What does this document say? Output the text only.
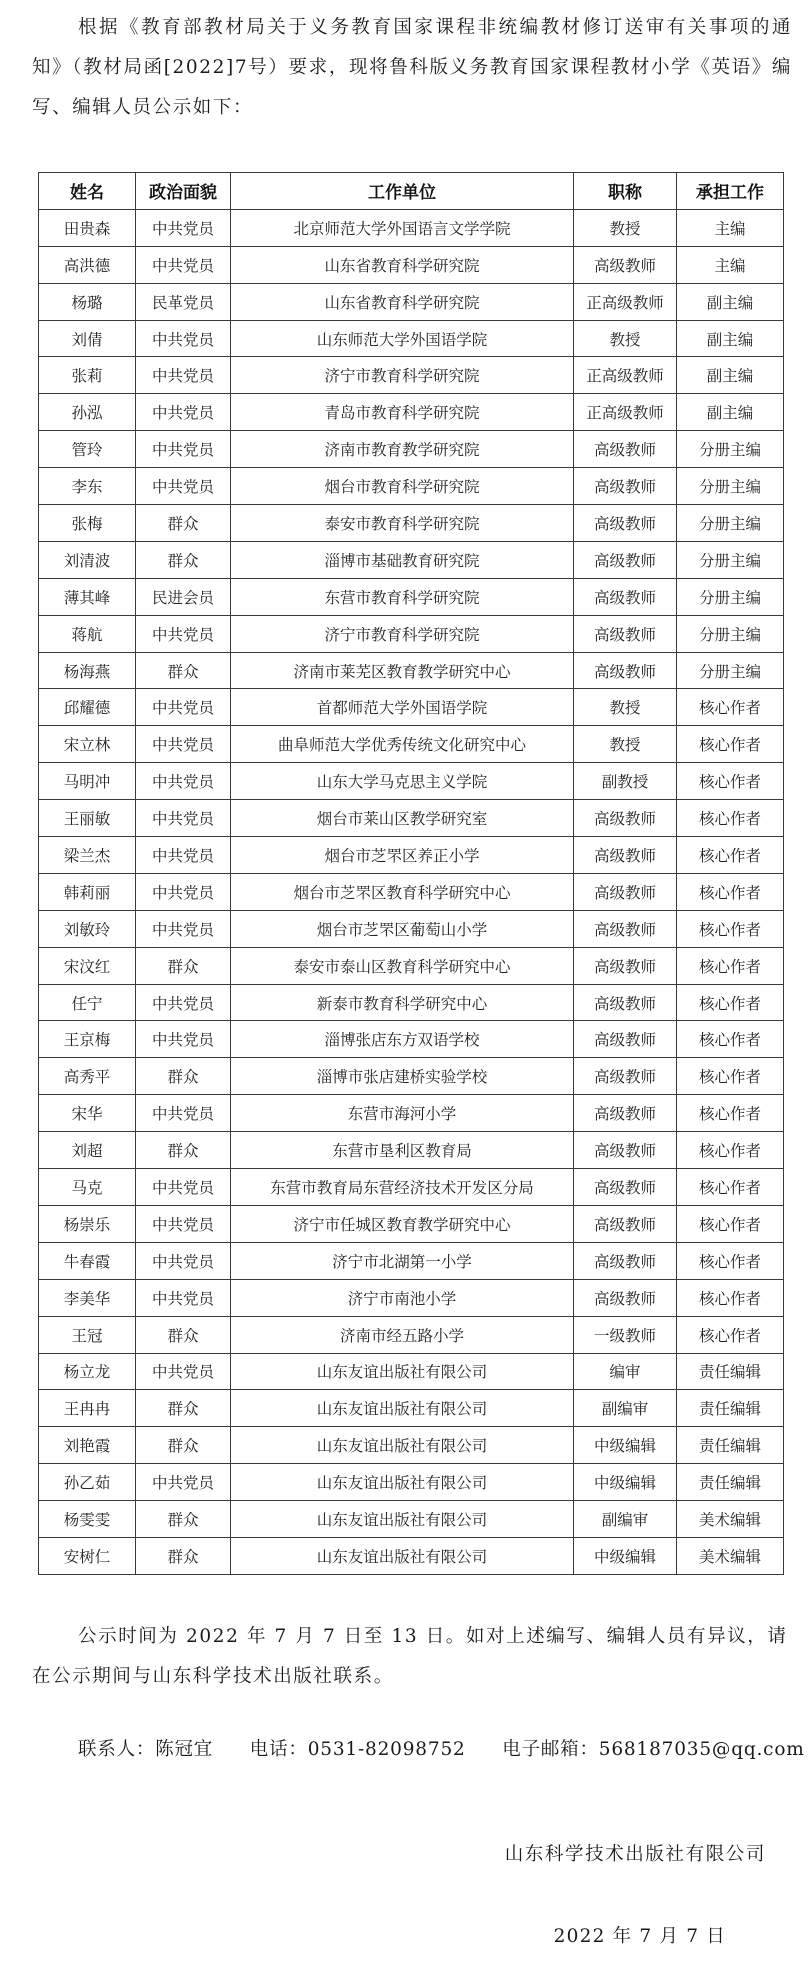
根据《教育部教材局关于义务教育国家课程非统编教材修订送审有关事项的通知》（教材局函[2022]7号）要求，现将鲁科版义务教育国家课程教材小学《英语》编写、编辑人员公示如下：

姓名	政治面貌	工作单位	职称	承担工作
田贵森	中共党员	北京师范大学外国语言文学学院	教授	主编
高洪德	中共党员	山东省教育科学研究院	高级教师	主编
杨璐	民革党员	山东省教育科学研究院	正高级教师	副主编
刘倩	中共党员	山东师范大学外国语学院	教授	副主编
张莉	中共党员	济宁市教育科学研究院	正高级教师	副主编
孙泓	中共党员	青岛市教育科学研究院	正高级教师	副主编
管玲	中共党员	济南市教育教学研究院	高级教师	分册主编
李东	中共党员	烟台市教育科学研究院	高级教师	分册主编
张梅	群众	泰安市教育科学研究院	高级教师	分册主编
刘清波	群众	淄博市基础教育研究院	高级教师	分册主编
薄其峰	民进会员	东营市教育科学研究院	高级教师	分册主编
蒋航	中共党员	济宁市教育科学研究院	高级教师	分册主编
杨海燕	群众	济南市莱芜区教育教学研究中心	高级教师	分册主编
邱耀德	中共党员	首都师范大学外国语学院	教授	核心作者
宋立林	中共党员	曲阜师范大学优秀传统文化研究中心	教授	核心作者
马明冲	中共党员	山东大学马克思主义学院	副教授	核心作者
王丽敏	中共党员	烟台市莱山区教学研究室	高级教师	核心作者
梁兰杰	中共党员	烟台市芝罘区养正小学	高级教师	核心作者
韩莉丽	中共党员	烟台市芝罘区教育科学研究中心	高级教师	核心作者
刘敏玲	中共党员	烟台市芝罘区葡萄山小学	高级教师	核心作者
宋汶红	群众	泰安市泰山区教育科学研究中心	高级教师	核心作者
任宁	中共党员	新泰市教育科学研究中心	高级教师	核心作者
王京梅	中共党员	淄博张店东方双语学校	高级教师	核心作者
高秀平	群众	淄博市张店建桥实验学校	高级教师	核心作者
宋华	中共党员	东营市海河小学	高级教师	核心作者
刘超	群众	东营市垦利区教育局	高级教师	核心作者
马克	中共党员	东营市教育局东营经济技术开发区分局	高级教师	核心作者
杨崇乐	中共党员	济宁市任城区教育教学研究中心	高级教师	核心作者
牛春霞	中共党员	济宁市北湖第一小学	高级教师	核心作者
李美华	中共党员	济宁市南池小学	高级教师	核心作者
王冠	群众	济南市经五路小学	一级教师	核心作者
杨立龙	中共党员	山东友谊出版社有限公司	编审	责任编辑
王冉冉	群众	山东友谊出版社有限公司	副编审	责任编辑
刘艳霞	群众	山东友谊出版社有限公司	中级编辑	责任编辑
孙乙茹	中共党员	山东友谊出版社有限公司	中级编辑	责任编辑
杨雯雯	群众	山东友谊出版社有限公司	副编审	美术编辑
安树仁	群众	山东友谊出版社有限公司	中级编辑	美术编辑

公示时间为 2022 年 7 月 7 日至 13 日。如对上述编写、编辑人员有异议，请在公示期间与山东科学技术出版社联系。

联系人：陈冠宜 电话：0531-82098752 电子邮箱：568187035@qq.com

山东科学技术出版社有限公司

2022 年 7 月 7 日
